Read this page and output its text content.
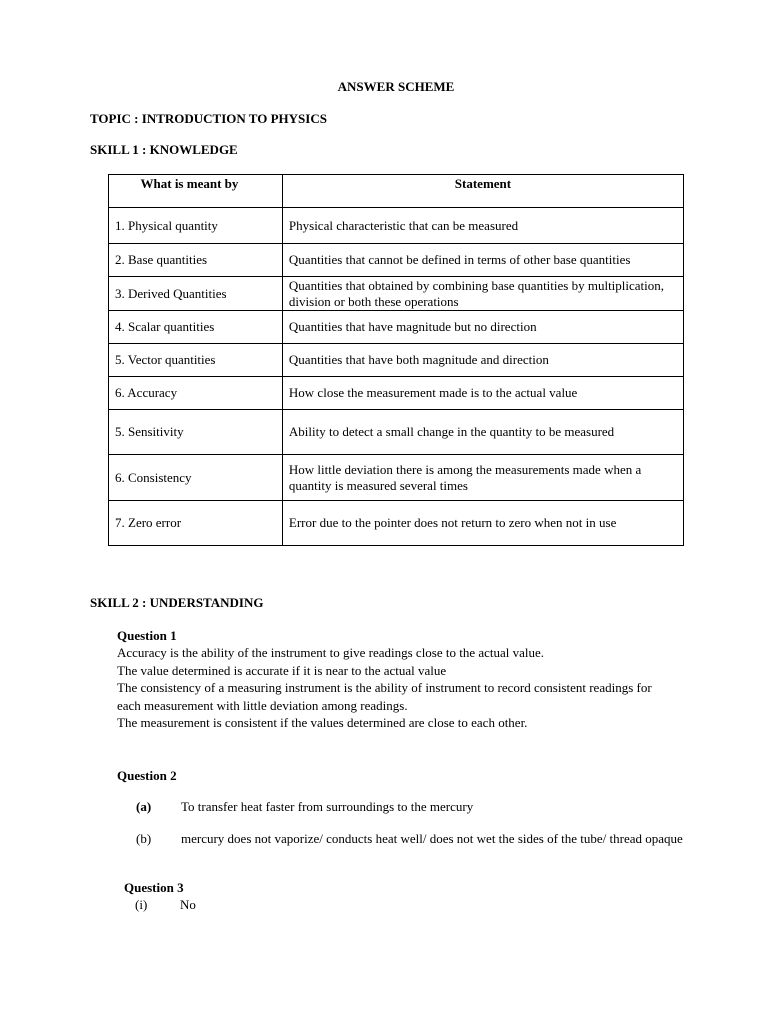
ANSWER SCHEME
TOPIC : INTRODUCTION TO PHYSICS
SKILL 1 : KNOWLEDGE
What is meant by	Statement
1. Physical quantity	Physical characteristic that can be measured
2. Base quantities	Quantities that cannot be defined in terms of other base quantities
3. Derived Quantities	Quantities that obtained by combining base quantities by multiplication, division or both these operations
4. Scalar quantities	Quantities that have magnitude but no direction
5. Vector quantities	Quantities that have both magnitude and direction
6. Accuracy	How close the measurement made is to the actual value
5. Sensitivity	Ability to detect a small change in the quantity to be measured
6. Consistency	How little deviation there is among the measurements made when a quantity is measured several times
7. Zero error	Error due to the pointer does not return to zero when not in use
SKILL 2 : UNDERSTANDING
Question 1
Accuracy is the ability of the instrument to give readings close to the actual value.
The value determined is accurate if it is near to the actual value
The consistency of a measuring instrument is the ability of instrument to record consistent readings for
each measurement with little deviation among readings.
The measurement is consistent if the values determined are close to each other.
Question 2
(a) To transfer heat faster from surroundings to the mercury
(b) mercury does not vaporize/ conducts heat well/ does not wet the sides of the tube/ thread opaque
Question 3
(i)	No
